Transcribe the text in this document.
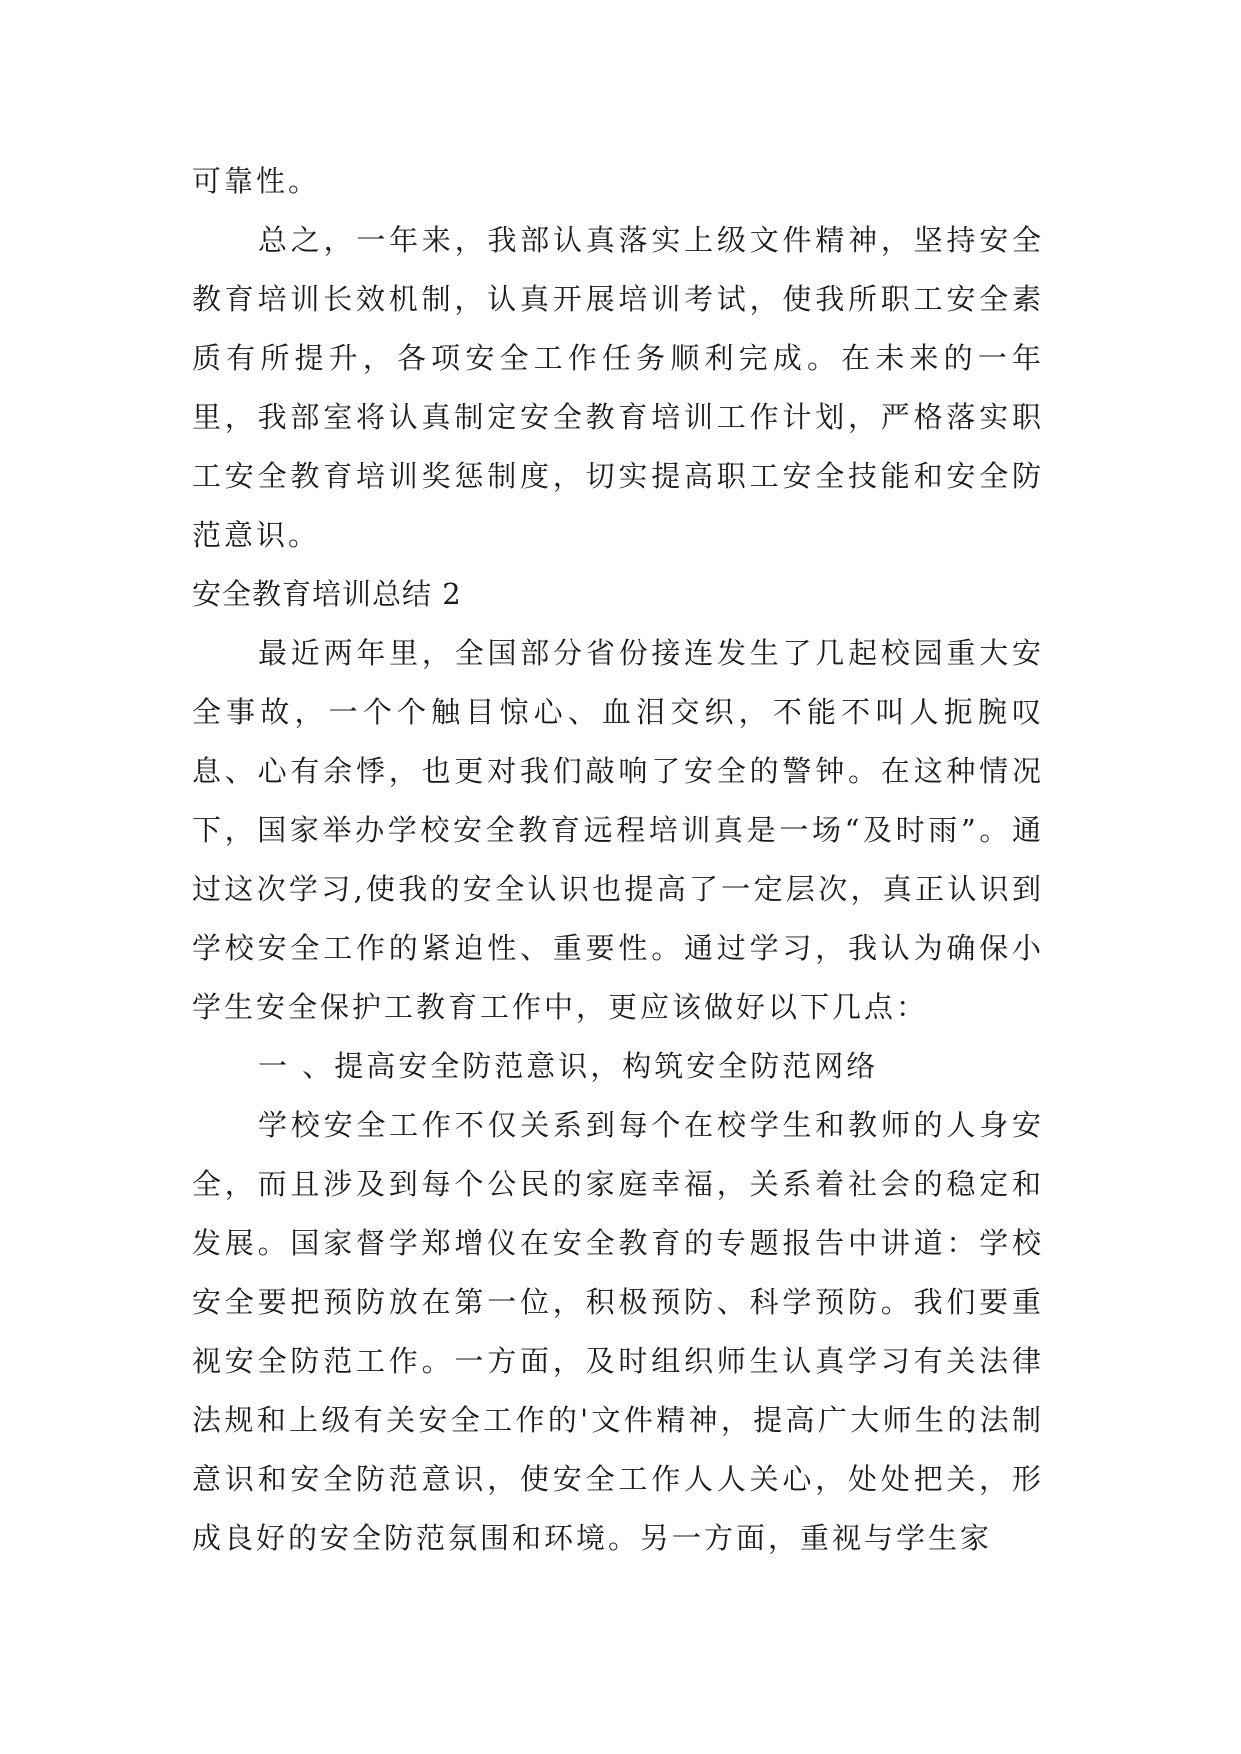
可靠性。

总之，一年来，我部认真落实上级文件精神，坚持安全教育培训长效机制，认真开展培训考试，使我所职工安全素质有所提升，各项安全工作任务顺利完成。在未来的一年里，我部室将认真制定安全教育培训工作计划，严格落实职工安全教育培训奖惩制度，切实提高职工安全技能和安全防范意识。

安全教育培训总结 2

最近两年里，全国部分省份接连发生了几起校园重大安全事故，一个个触目惊心、血泪交织，不能不叫人扼腕叹息、心有余悸，也更对我们敲响了安全的警钟。在这种情况下，国家举办学校安全教育远程培训真是一场“及时雨”。通过这次学习,使我的安全认识也提高了一定层次，真正认识到学校安全工作的紧迫性、重要性。通过学习，我认为确保小学生安全保护工教育工作中，更应该做好以下几点：

一 、提高安全防范意识，构筑安全防范网络

学校安全工作不仅关系到每个在校学生和教师的人身安全，而且涉及到每个公民的家庭幸福，关系着社会的稳定和发展。国家督学郑增仪在安全教育的专题报告中讲道：学校安全要把预防放在第一位，积极预防、科学预防。我们要重视安全防范工作。一方面，及时组织师生认真学习有关法律法规和上级有关安全工作的'文件精神，提高广大师生的法制意识和安全防范意识，使安全工作人人关心，处处把关，形成良好的安全防范氛围和环境。另一方面，重视与学生家
